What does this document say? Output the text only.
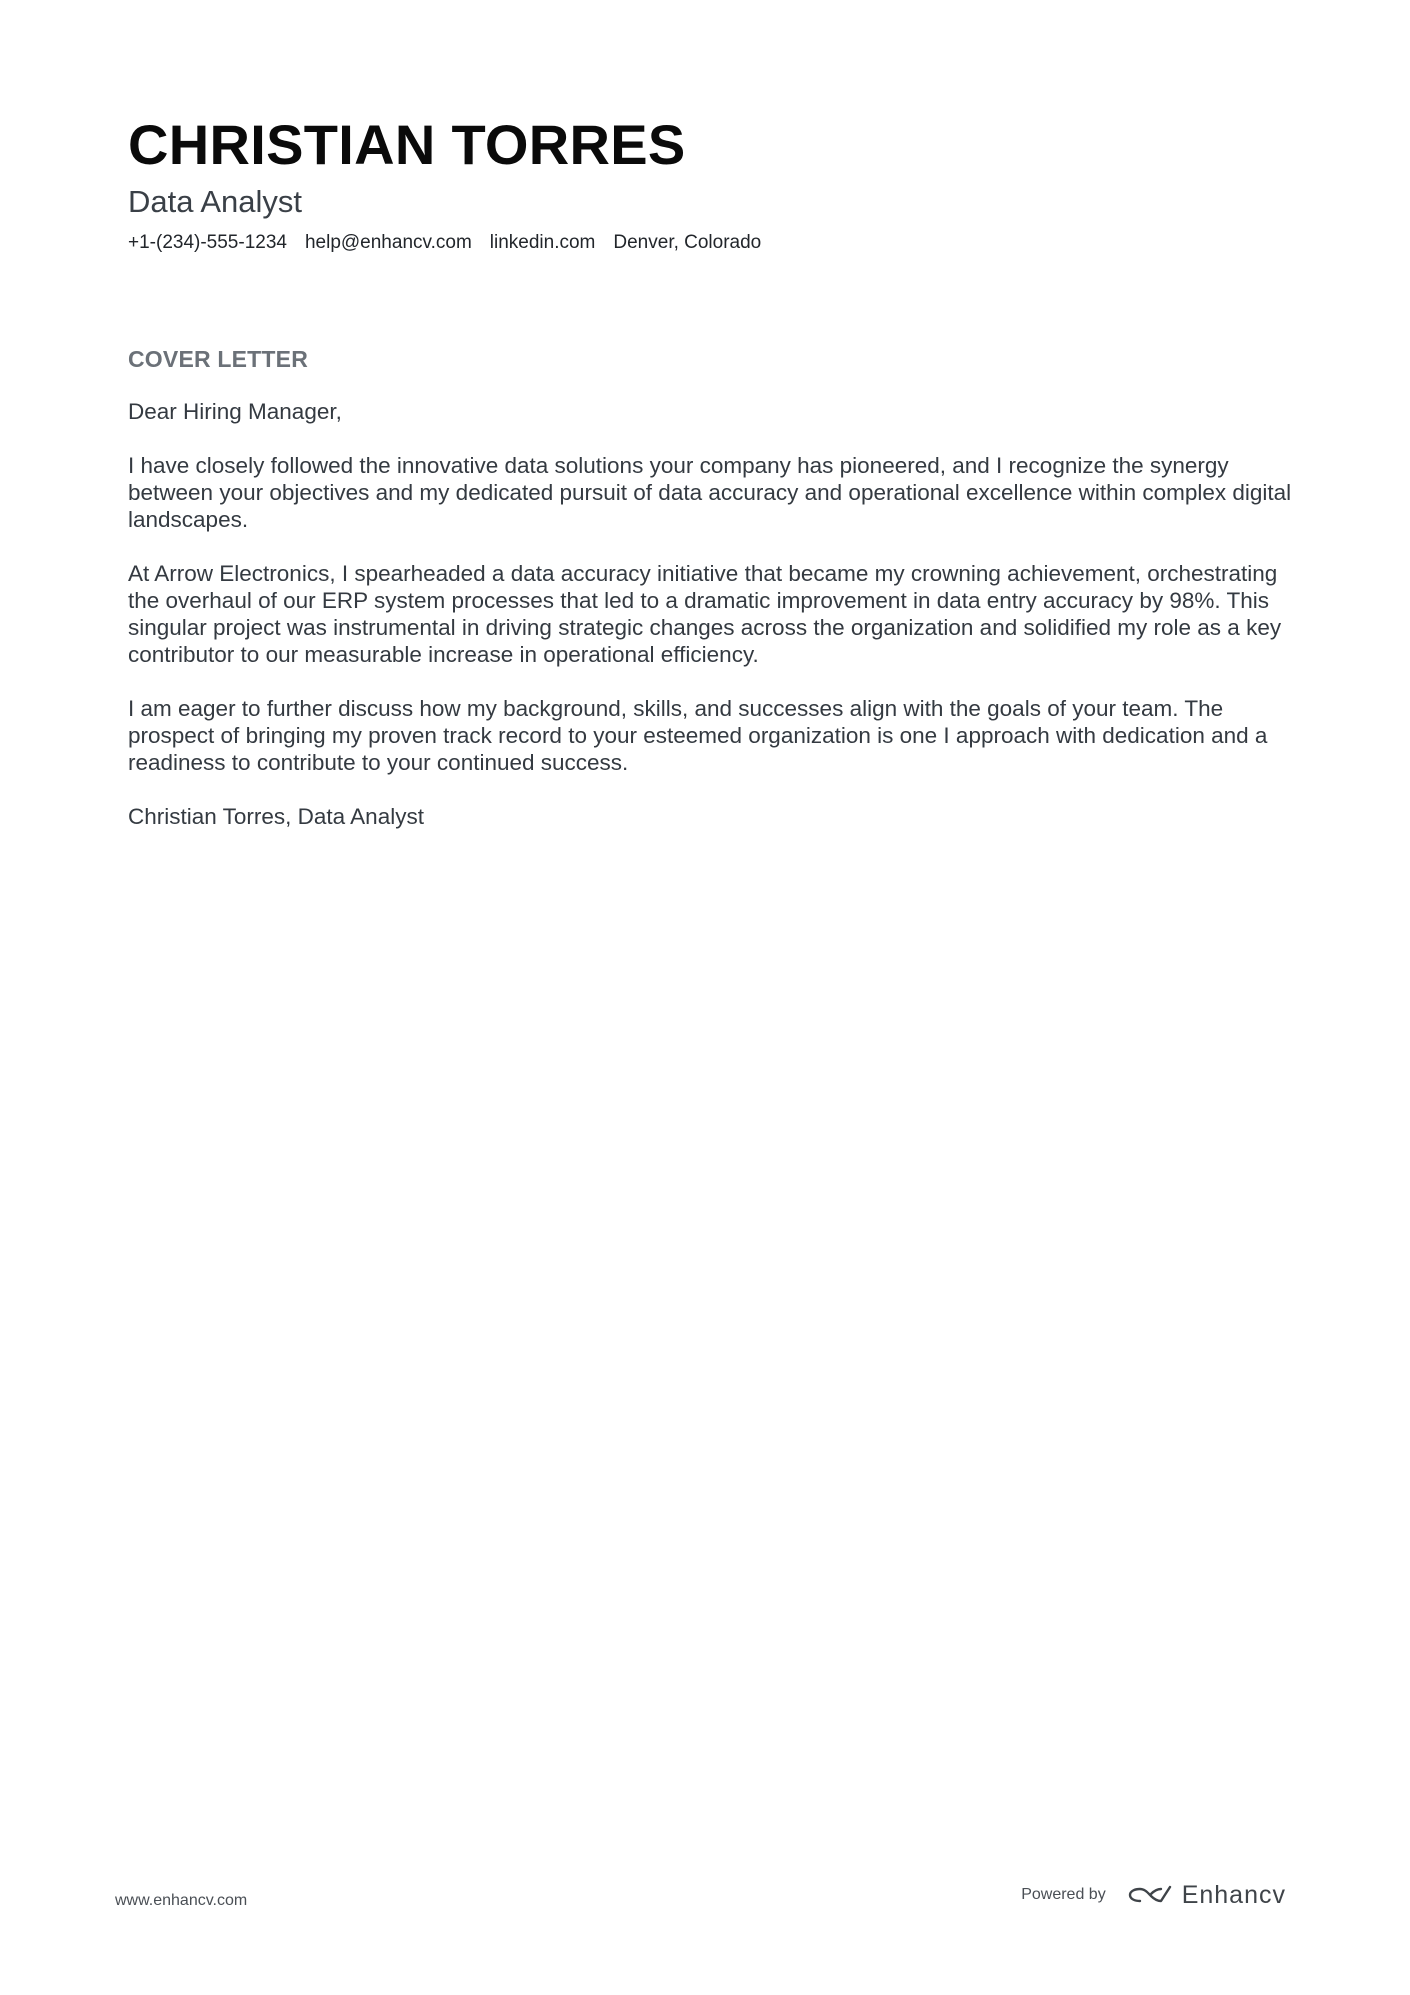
CHRISTIAN TORRES
Data Analyst
+1-(234)-555-1234 help@enhancv.com linkedin.com Denver, Colorado
COVER LETTER
Dear Hiring Manager,

I have closely followed the innovative data solutions your company has pioneered, and I recognize the synergy between your objectives and my dedicated pursuit of data accuracy and operational excellence within complex digital landscapes.

At Arrow Electronics, I spearheaded a data accuracy initiative that became my crowning achievement, orchestrating the overhaul of our ERP system processes that led to a dramatic improvement in data entry accuracy by 98%. This singular project was instrumental in driving strategic changes across the organization and solidified my role as a key contributor to our measurable increase in operational efficiency.

I am eager to further discuss how my background, skills, and successes align with the goals of your team. The prospect of bringing my proven track record to your esteemed organization is one I approach with dedication and a readiness to contribute to your continued success.

Christian Torres, Data Analyst
www.enhancv.com	Powered by	Enhancv
